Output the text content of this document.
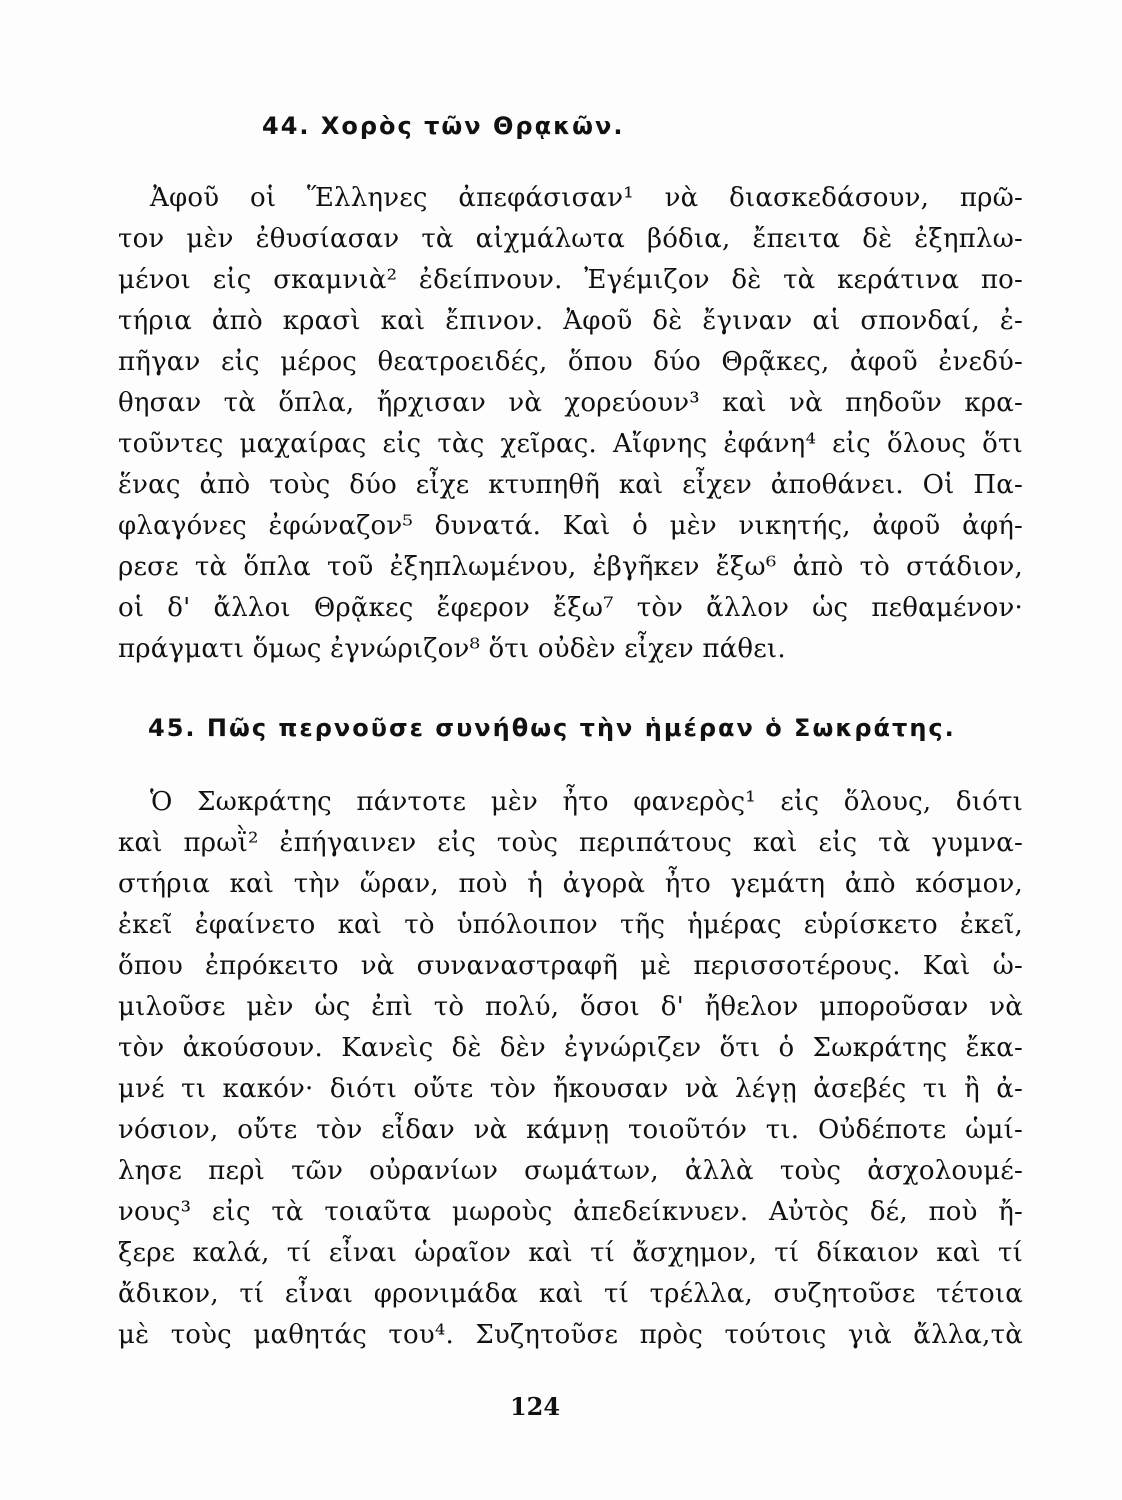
44. Χορὸς τῶν Θρᾳκῶν.
Ἀφοῦ οἱ Ἕλληνες ἀπεφάσισαν¹ νὰ διασκεδάσουν, πρῶ-
τον μὲν ἐθυσίασαν τὰ αἰχμάλωτα βόδια, ἔπειτα δὲ ἐξηπλω-
μένοι εἰς σκαμνιὰ² ἐδείπνουν. Ἐγέμιζον δὲ τὰ κεράτινα πο-
τήρια ἀπὸ κρασὶ καὶ ἔπινον. Ἀφοῦ δὲ ἔγιναν αἱ σπονδαί, ἐ-
πῆγαν εἰς μέρος θεατροειδές, ὅπου δύο Θρᾷκες, ἀφοῦ ἐνεδύ-
θησαν τὰ ὅπλα, ἤρχισαν νὰ χορεύουν³ καὶ νὰ πηδοῦν κρα-
τοῦντες μαχαίρας εἰς τὰς χεῖρας. Αἴφνης ἐφάνη⁴ εἰς ὅλους ὅτι
ἕνας ἀπὸ τοὺς δύο εἶχε κτυπηθῆ καὶ εἶχεν ἀποθάνει. Οἱ Πα-
φλαγόνες ἐφώναζον⁵ δυνατά. Καὶ ὁ μὲν νικητής, ἀφοῦ ἀφή-
ρεσε τὰ ὅπλα τοῦ ἐξηπλωμένου, ἐβγῆκεν ἔξω⁶ ἀπὸ τὸ στάδιον,
οἱ δ' ἄλλοι Θρᾷκες ἔφερον ἔξω⁷ τὸν ἄλλον ὡς πεθαμένον·
πράγματι ὅμως ἐγνώριζον⁸ ὅτι οὐδὲν εἶχεν πάθει.
45. Πῶς περνοῦσε συνήθως τὴν ἡμέραν ὁ Σωκράτης.
Ὁ Σωκράτης πάντοτε μὲν ἦτο φανερὸς¹ εἰς ὅλους, διότι
καὶ πρωῒ² ἐπήγαινεν εἰς τοὺς περιπάτους καὶ εἰς τὰ γυμνα-
στήρια καὶ τὴν ὥραν, ποὺ ἡ ἀγορὰ ἦτο γεμάτη ἀπὸ κόσμον,
ἐκεῖ ἐφαίνετο καὶ τὸ ὑπόλοιπον τῆς ἡμέρας εὑρίσκετο ἐκεῖ,
ὅπου ἐπρόκειτο νὰ συναναστραφῆ μὲ περισσοτέρους. Καὶ ὡ-
μιλοῦσε μὲν ὡς ἐπὶ τὸ πολύ, ὅσοι δ' ἤθελον μποροῦσαν νὰ
τὸν ἀκούσουν. Κανεὶς δὲ δὲν ἐγνώριζεν ὅτι ὁ Σωκράτης ἔκα-
μνέ τι κακόν· διότι οὔτε τὸν ἤκουσαν νὰ λέγῃ ἀσεβές τι ἢ ἀ-
νόσιον, οὔτε τὸν εἶδαν νὰ κάμνῃ τοιοῦτόν τι. Οὐδέποτε ὡμί-
λησε περὶ τῶν οὐρανίων σωμάτων, ἀλλὰ τοὺς ἀσχολουμέ-
νους³ εἰς τὰ τοιαῦτα μωροὺς ἀπεδείκνυεν. Αὐτὸς δέ, ποὺ ἤ-
ξερε καλά, τί εἶναι ὡραῖον καὶ τί ἄσχημον, τί δίκαιον καὶ τί
ἄδικον, τί εἶναι φρονιμάδα καὶ τί τρέλλα, συζητοῦσε τέτοια
μὲ τοὺς μαθητάς του⁴. Συζητοῦσε πρὸς τούτοις γιὰ ἄλλα,τὰ
124
